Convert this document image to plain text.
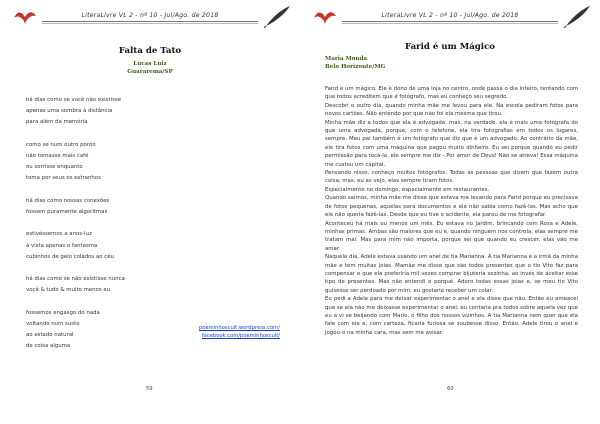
LiteraLivre VL 2 - nº 10 - Jul/Ago. de 2018
Falta de Tato
Lucas Luiz
Guararema/SP
há dias como se você não existisse
apenas uma sombra à distância
para além da memória
como se num outro ponto
não tomasse mais café
ou sorrisse enquanto
toma por seus os estranhos
há dias como nossas conexões
fossem puramente algoritmas
estivéssemos a anos-luz
à vista apenas o fantasma
cubinhos de gelo colados ao céu
há dias como se não existisse nunca
você & tudo & muito menos eu
fossemos engasgo do nada
voltando num susto
ao estado natural
de coisa alguma
poeminhoscult.wordpress.com/
facebook.com/poeminhoscult/
59
LiteraLivre VL 2 - nº 10 - Jul/Ago. de 2018
Farid é um Mágico
Maria Monda
Belo Horizonte/MG

Farid é um mágico. Ele é dono de uma loja no centro, onde passa o dia inteiro, tentando com que todos acreditem que é fotógrafo, mas eu conheço seu segredo.

Descobri o outro dia, quando minha mãe me levou para ele. Na escola pediram fotos para novos cartões. Não entendo por que não foi ela mesma que tirou.

Minha mãe diz a todos que ela é advogada, mas, na verdade, ela é mais uma fotógrafa do que uma advogada, porque, com o telefone, ela tira fotografias em todos os lugares, sempre. Meu pai também é um fotógrafo que diz que é um advogado. Ao contrário da mãe, ele tira fotos com uma máquina que pagou muito dinheiro. Eu sei porque quando eu pedir permissão para tocá-la, ele sempre me diz - Por amor de Deus! Não se atreva! Essa máquina me custou um capital.

Pensando nisso, conheço muitos fotógrafos. Todas as pessoas que dizem que fazem outra coisa, mas, eu as vejo, elas sempre tiram fotos.

Especialmente no domingo, especialmente em restaurantes.

Quando saímos, minha mãe me disse que estava me levando para Farid porque eu precisava de fotos pequenas, aquelas para documentos e ela não sabia como fazê-las. Mas acho que ele não queria fazê-las. Desde que eu tive o acidente, ela parou de me fotografar.

Aconteceu há mais ou menos um mês. Eu estava no jardim, brincando com Rosa e Adele, minhas primas. Ambas são maiores que eu e, quando ninguém nos controla, elas sempre me tratam mal. Mas para mim não importa, porque sei que quando eu crescer, elas vão me amar.

Naquele dia, Adele estava usando um anel de tia Marianna. A tia Marianna é a irmã da minha mãe e tem muitas joias. Mamãe me disse que são todos presentes que o tio Vito faz para compensar e que ela preferiria mil vezes comprar bijuteria sozinha, ao invés de aceitar esse tipo de presentes. Mas não entendi o porquê. Adoro todas essas joias e, se meu tio Vito quisesse ser perdoado por mim, eu gostaria receber um colar.

Eu pedi a Adele para me deixar experimentar o anel e ela disse que não. Então eu ameacei que se ela não me deixasse experimentar o anel, eu contaria pra todos sobre aquela vez que eu a vi se beijando com Mario, o filho dos nossos vizinhos. A tia Marianna nem quer que ela fale com ele e, com certeza, ficaria furiosa se soubesse disso. Então, Adele tirou o anel e jogou-o na minha cara, mas sem me avisar.

60
